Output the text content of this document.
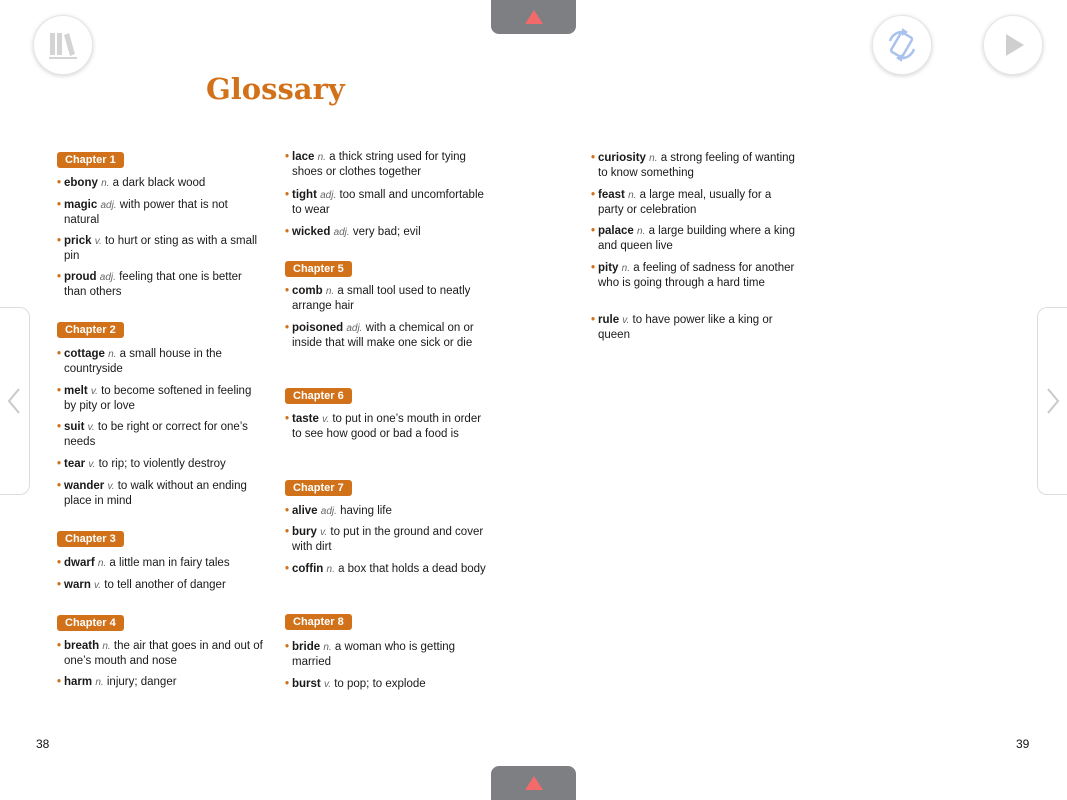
Glossary
Chapter 1
• ebony n. a dark black wood
• magic adj. with power that is not natural
• prick v. to hurt or sting as with a small pin
• proud adj. feeling that one is better than others
Chapter 2
• cottage n. a small house in the countryside
• melt v. to become softened in feeling by pity or love
• suit v. to be right or correct for one’s needs
• tear v. to rip; to violently destroy
• wander v. to walk without an ending place in mind
Chapter 3
• dwarf n. a little man in fairy tales
• warn v. to tell another of danger
Chapter 4
• breath n. the air that goes in and out of one’s mouth and nose
• harm n. injury; danger
• lace n. a thick string used for tying shoes or clothes together
• tight adj. too small and uncomfortable to wear
• wicked adj. very bad; evil
Chapter 5
• comb n. a small tool used to neatly arrange hair
• poisoned adj. with a chemical on or inside that will make one sick or die
Chapter 6
• taste v. to put in one’s mouth in order to see how good or bad a food is
Chapter 7
• alive adj. having life
• bury v. to put in the ground and cover with dirt
• coffin n. a box that holds a dead body
Chapter 8
• bride n. a woman who is getting married
• burst v. to pop; to explode
• curiosity n. a strong feeling of wanting to know something
• feast n. a large meal, usually for a party or celebration
• palace n. a large building where a king and queen live
• pity n. a feeling of sadness for another who is going through a hard time
• rule v. to have power like a king or queen
38	39
